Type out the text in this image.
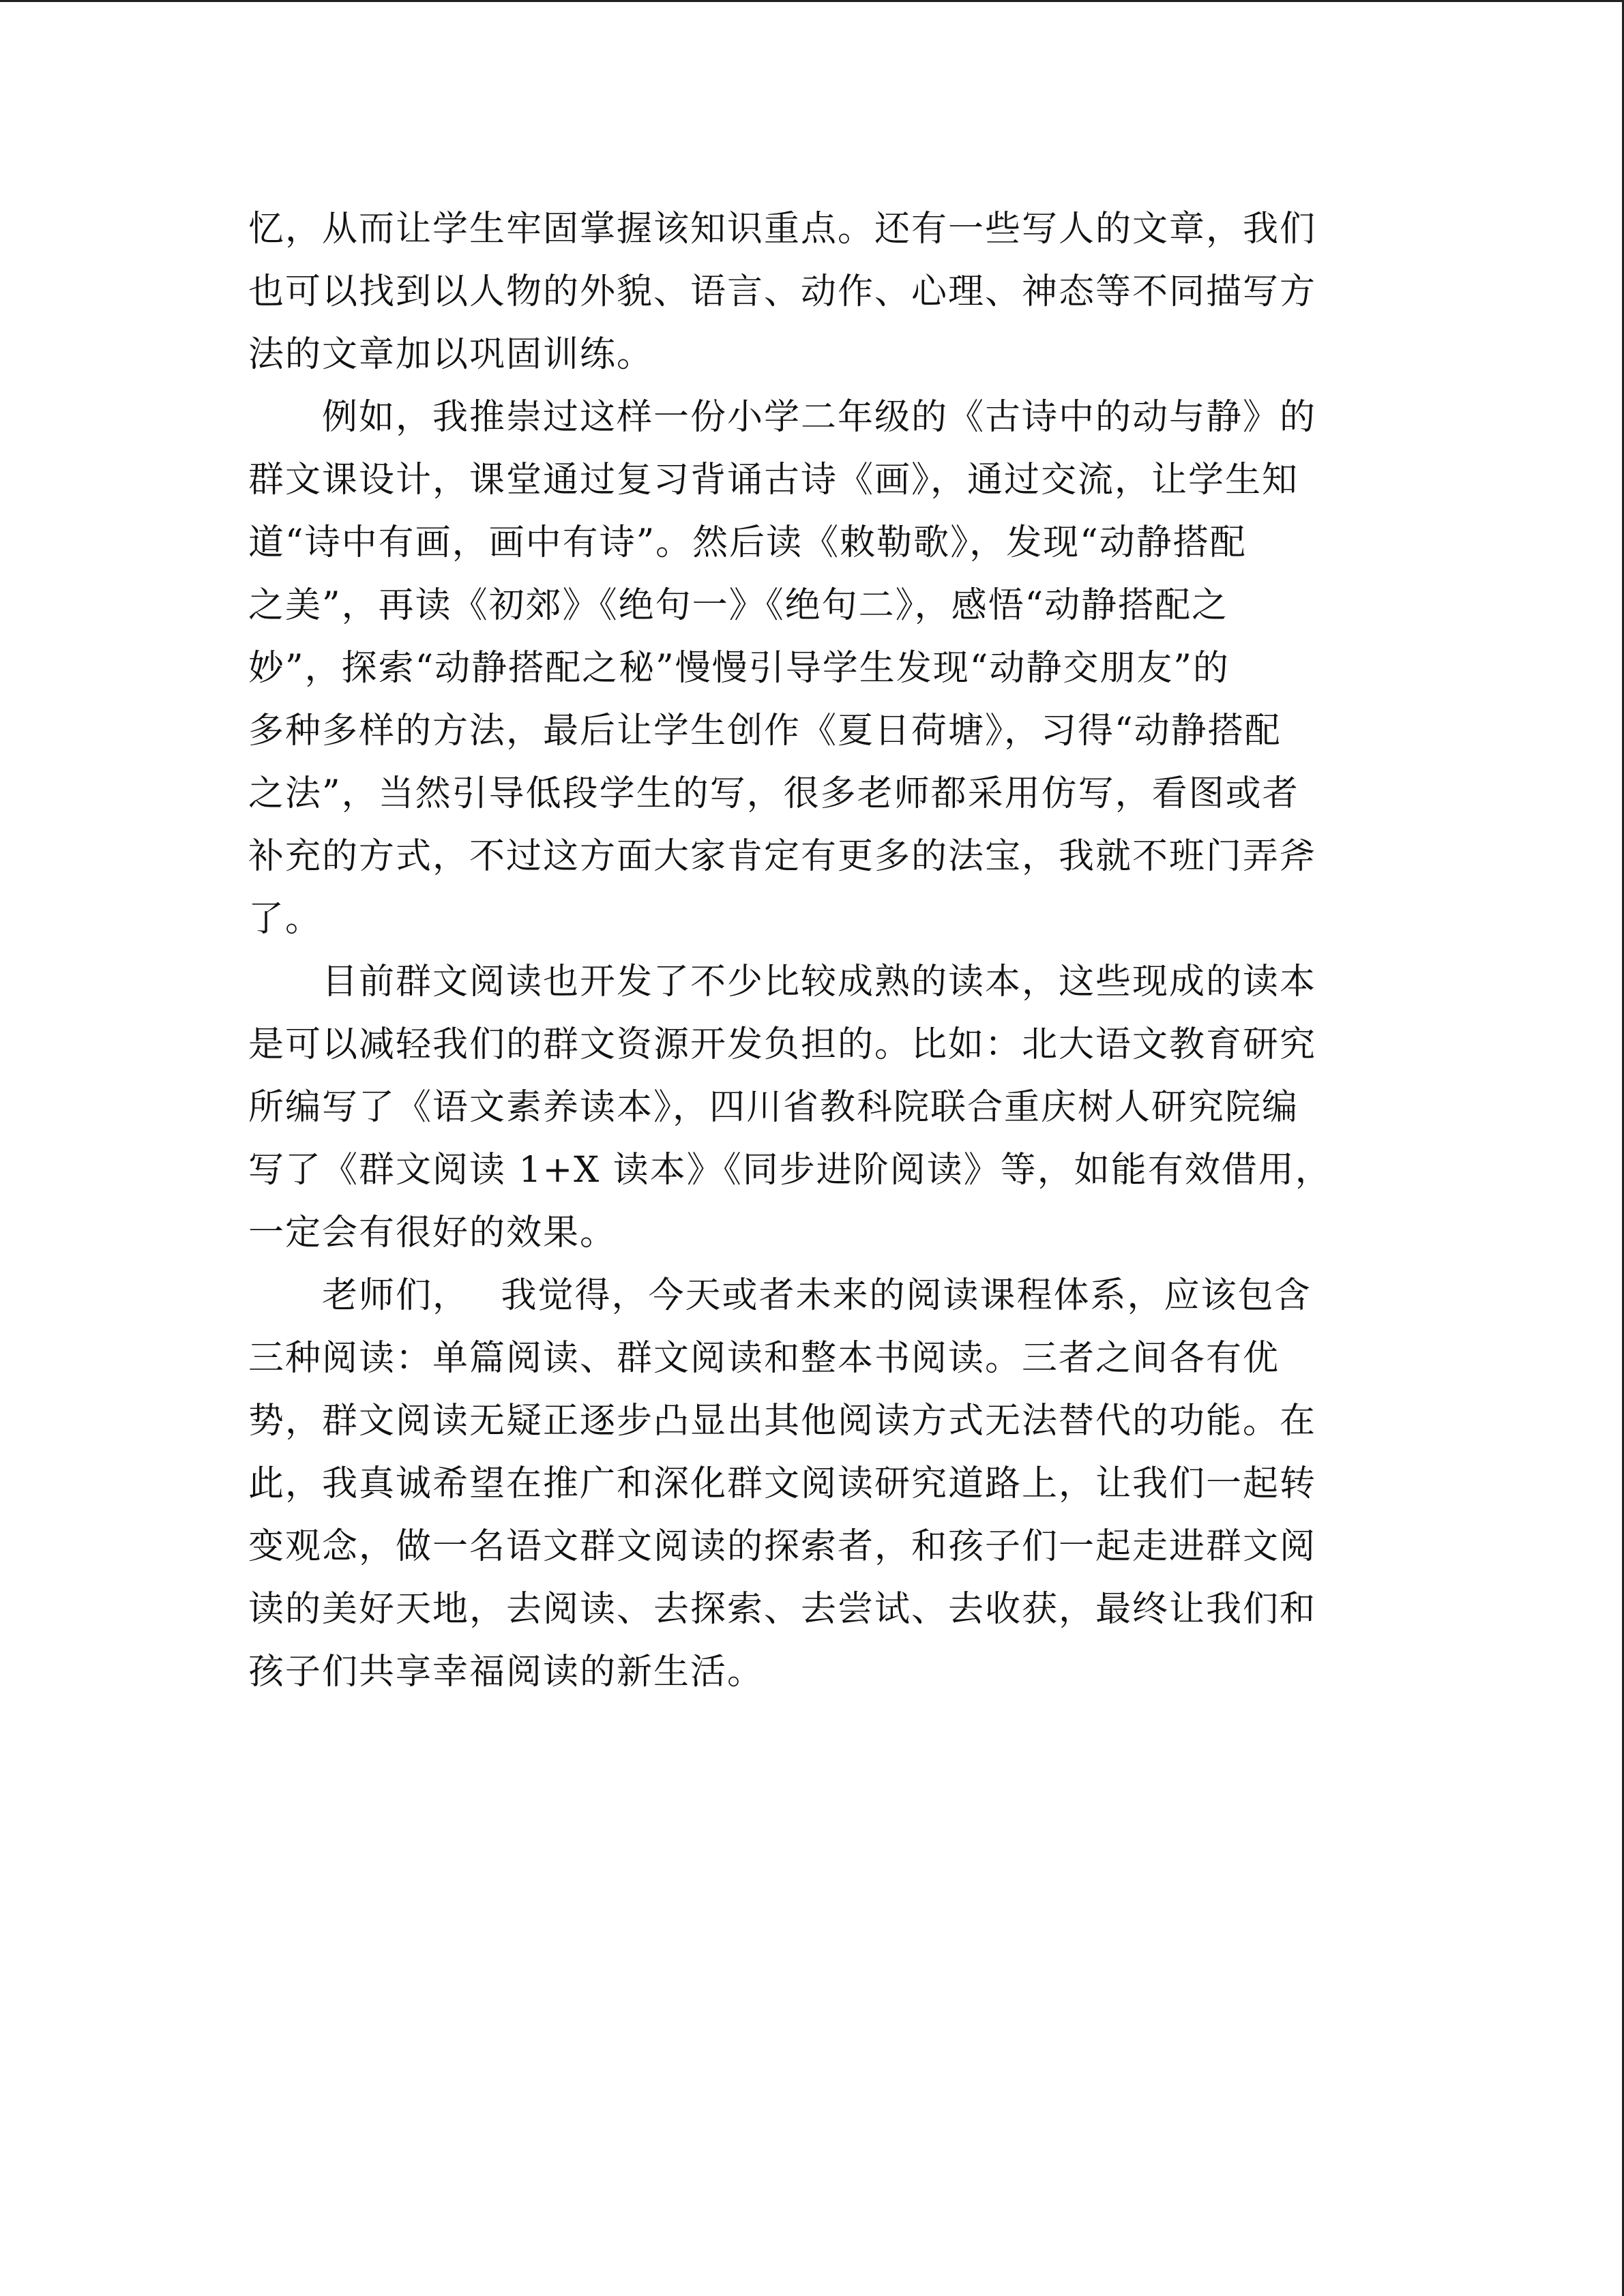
忆，从而让学生牢固掌握该知识重点。还有一些写人的文章，我们
也可以找到以人物的外貌、语言、动作、心理、神态等不同描写方
法的文章加以巩固训练。
　　例如，我推崇过这样一份小学二年级的《古诗中的动与静》的
群文课设计，课堂通过复习背诵古诗《画》，通过交流，让学生知
道“诗中有画，画中有诗”。然后读《敕勒歌》，发现“动静搭配
之美”，再读《初郊》《绝句一》《绝句二》，感悟“动静搭配之
妙”，探索“动静搭配之秘”慢慢引导学生发现“动静交朋友”的
多种多样的方法，最后让学生创作《夏日荷塘》，习得“动静搭配
之法”，当然引导低段学生的写，很多老师都采用仿写，看图或者
补充的方式，不过这方面大家肯定有更多的法宝，我就不班门弄斧
了。
　　目前群文阅读也开发了不少比较成熟的读本，这些现成的读本
是可以减轻我们的群文资源开发负担的。比如：北大语文教育研究
所编写了《语文素养读本》，四川省教科院联合重庆树人研究院编
写了《群文阅读 1+X 读本》《同步进阶阅读》等，如能有效借用，
一定会有很好的效果。
　　老师们，　 我觉得，今天或者未来的阅读课程体系，应该包含
三种阅读：单篇阅读、群文阅读和整本书阅读。三者之间各有优
势，群文阅读无疑正逐步凸显出其他阅读方式无法替代的功能。在
此，我真诚希望在推广和深化群文阅读研究道路上，让我们一起转
变观念，做一名语文群文阅读的探索者，和孩子们一起走进群文阅
读的美好天地，去阅读、去探索、去尝试、去收获，最终让我们和
孩子们共享幸福阅读的新生活。
